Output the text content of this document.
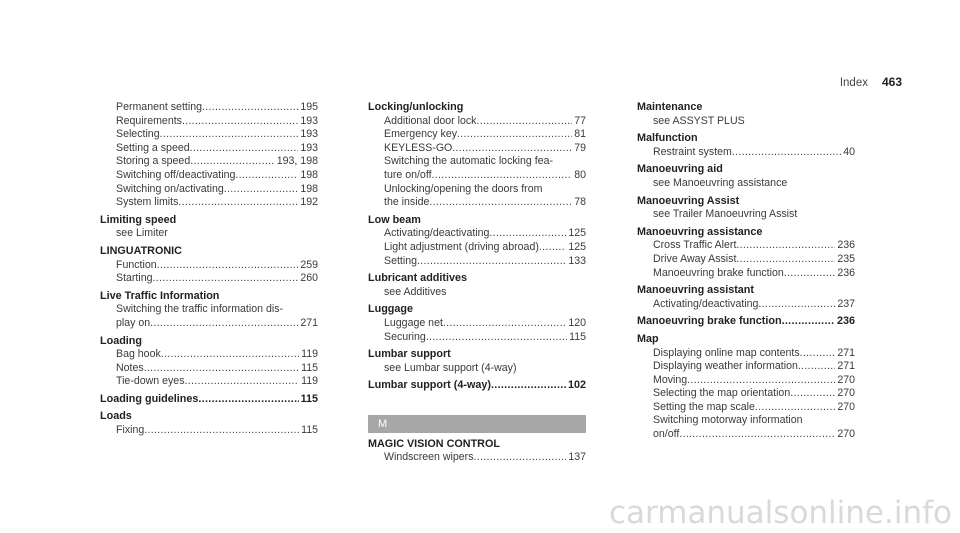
Index 463
Permanent setting .....	195
Requirements .....	193
Selecting .....	193
Setting a speed .....	193
Storing a speed .....	193, 198
Switching off/deactivating .....	198
Switching on/activating .....	198
System limits .....	192
Limiting speed
see Limiter
LINGUATRONIC
Function .....	259
Starting .....	260
Live Traffic Information
Switching the traffic information dis-
play on .....	271
Loading
Bag hook .....	119
Notes .....	115
Tie-down eyes .....	119
Loading guidelines .....	115
Loads
Fixing .....	115
Locking/unlocking
Additional door lock .....	77
Emergency key .....	81
KEYLESS-GO .....	79
Switching the automatic locking fea-
ture on/off .....	80
Unlocking/opening the doors from
the inside .....	78
Low beam
Activating/deactivating .....	125
Light adjustment (driving abroad) .....	125
Setting .....	133
Lubricant additives
see Additives
Luggage
Luggage net .....	120
Securing .....	115
Lumbar support
see Lumbar support (4-way)
Lumbar support (4-way) .....	102
M
MAGIC VISION CONTROL
Windscreen wipers .....	137
Maintenance
see ASSYST PLUS
Malfunction
Restraint system .....	40
Manoeuvring aid
see Manoeuvring assistance
Manoeuvring Assist
see Trailer Manoeuvring Assist
Manoeuvring assistance
Cross Traffic Alert .....	236
Drive Away Assist .....	235
Manoeuvring brake function .....	236
Manoeuvring assistant
Activating/deactivating .....	237
Manoeuvring brake function .....	236
Map
Displaying online map contents .....	271
Displaying weather information .....	271
Moving .....	270
Selecting the map orientation .....	270
Setting the map scale .....	270
Switching motorway information
on/off .....	270
carmanualsonline.info
